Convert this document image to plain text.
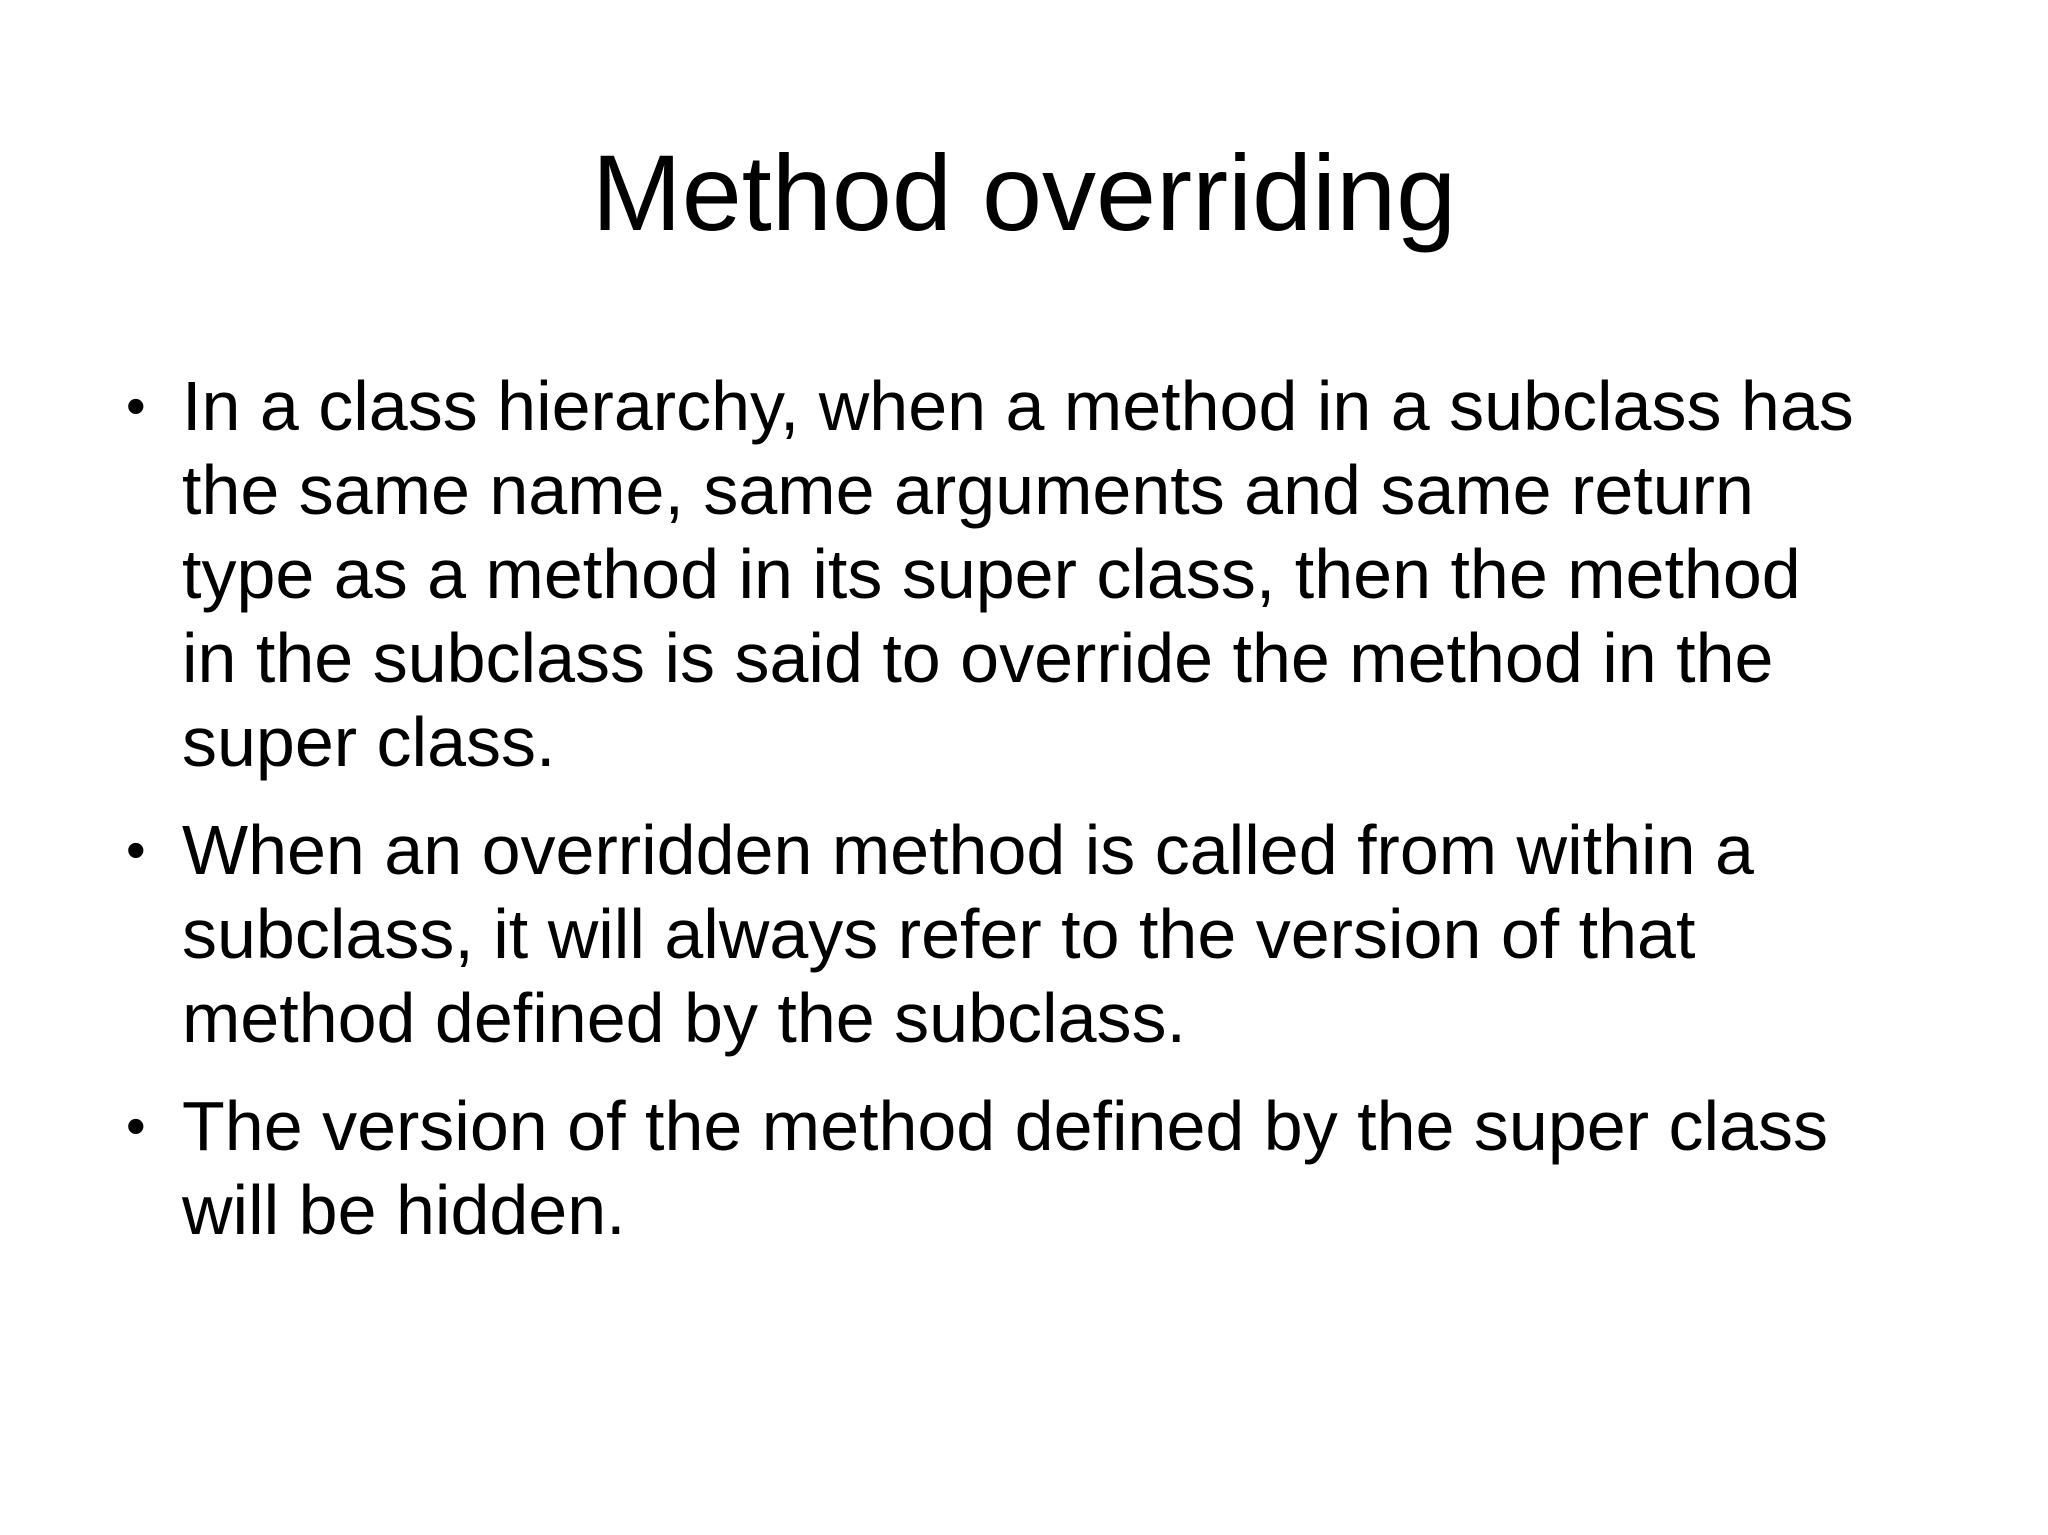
Method overriding
• In a class hierarchy, when a method in a subclass has
the same name, same arguments and same return
type as a method in its super class, then the method
in the subclass is said to override the method in the
super class.
• When an overridden method is called from within a
subclass, it will always refer to the version of that
method defined by the subclass.
• The version of the method defined by the super class
will be hidden.
